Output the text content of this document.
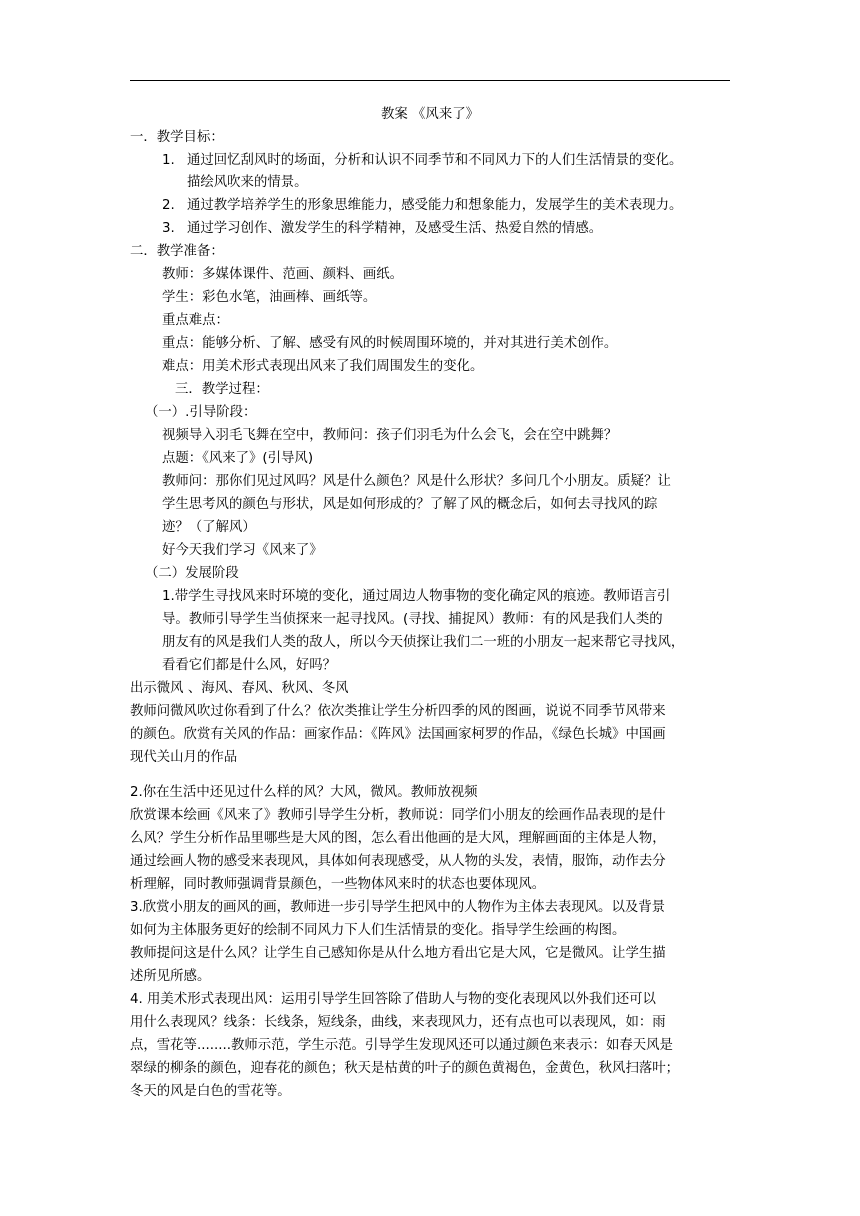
教案 《风来了》
一．教学目标：
1. 通过回忆刮风时的场面，分析和认识不同季节和不同风力下的人们生活情景的变化。
描绘风吹来的情景。
2. 通过教学培养学生的形象思维能力，感受能力和想象能力，发展学生的美术表现力。
3. 通过学习创作、激发学生的科学精神，及感受生活、热爱自然的情感。
二．教学准备：
教师：多媒体课件、范画、颜料、画纸。
学生：彩色水笔，油画棒、画纸等。
重点难点：
重点：能够分析、了解、感受有风的时候周围环境的，并对其进行美术创作。
难点：用美术形式表现出风来了我们周围发生的变化。
三．教学过程：
（一）.引导阶段：
视频导入羽毛飞舞在空中，教师问：孩子们羽毛为什么会飞，会在空中跳舞？
点题：《风来了》(引导风)
教师问：那你们见过风吗？风是什么颜色？风是什么形状？多问几个小朋友。质疑？让
学生思考风的颜色与形状，风是如何形成的？了解了风的概念后，如何去寻找风的踪
迹？（了解风）
好今天我们学习《风来了》
（二）发展阶段
1.带学生寻找风来时环境的变化，通过周边人物事物的变化确定风的痕迹。教师语言引
导。教师引导学生当侦探来一起寻找风。(寻找、捕捉风）教师：有的风是我们人类的
朋友有的风是我们人类的敌人，所以今天侦探让我们二一班的小朋友一起来帮它寻找风，
看看它们都是什么风，好吗？
出示微风 、海风、春风、秋风、冬风
教师问微风吹过你看到了什么？依次类推让学生分析四季的风的图画，说说不同季节风带来
的颜色。欣赏有关风的作品：画家作品：《阵风》法国画家柯罗的作品，《绿色长城》中国画
现代关山月的作品
2.你在生活中还见过什么样的风？大风，微风。教师放视频
欣赏课本绘画《风来了》教师引导学生分析，教师说：同学们小朋友的绘画作品表现的是什
么风？学生分析作品里哪些是大风的图，怎么看出他画的是大风，理解画面的主体是人物，
通过绘画人物的感受来表现风，具体如何表现感受，从人物的头发，表情，服饰，动作去分
析理解，同时教师强调背景颜色，一些物体风来时的状态也要体现风。
3.欣赏小朋友的画风的画，教师进一步引导学生把风中的人物作为主体去表现风。以及背景
如何为主体服务更好的绘制不同风力下人们生活情景的变化。指导学生绘画的构图。
教师提问这是什么风？让学生自己感知你是从什么地方看出它是大风，它是微风。让学生描
述所见所感。
4. 用美术形式表现出风：运用引导学生回答除了借助人与物的变化表现风以外我们还可以
用什么表现风？线条：长线条，短线条，曲线，来表现风力，还有点也可以表现风，如：雨
点，雪花等........教师示范，学生示范。引导学生发现风还可以通过颜色来表示：如春天风是
翠绿的柳条的颜色，迎春花的颜色；秋天是枯黄的叶子的颜色黄褐色，金黄色，秋风扫落叶；
冬天的风是白色的雪花等。
